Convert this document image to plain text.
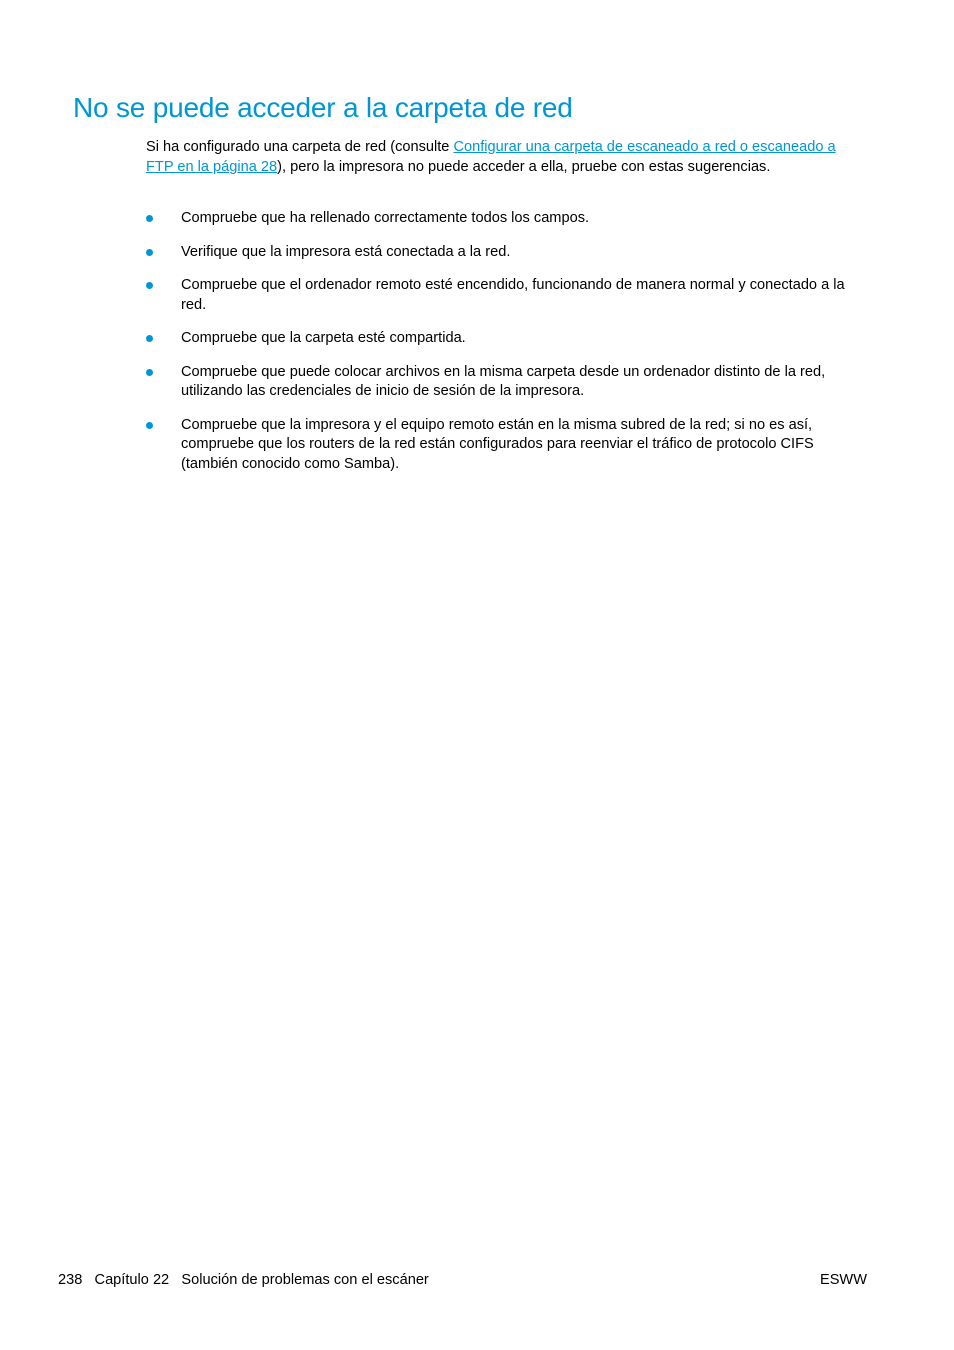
No se puede acceder a la carpeta de red

Si ha configurado una carpeta de red (consulte Configurar una carpeta de escaneado a red o escaneado a FTP en la página 28), pero la impresora no puede acceder a ella, pruebe con estas sugerencias.

Compruebe que ha rellenado correctamente todos los campos.
Verifique que la impresora está conectada a la red.
Compruebe que el ordenador remoto esté encendido, funcionando de manera normal y conectado a la red.
Compruebe que la carpeta esté compartida.
Compruebe que puede colocar archivos en la misma carpeta desde un ordenador distinto de la red, utilizando las credenciales de inicio de sesión de la impresora.
Compruebe que la impresora y el equipo remoto están en la misma subred de la red; si no es así, compruebe que los routers de la red están configurados para reenviar el tráfico de protocolo CIFS (también conocido como Samba).
238 Capítulo 22 Solución de problemas con el escáner	ESWW
